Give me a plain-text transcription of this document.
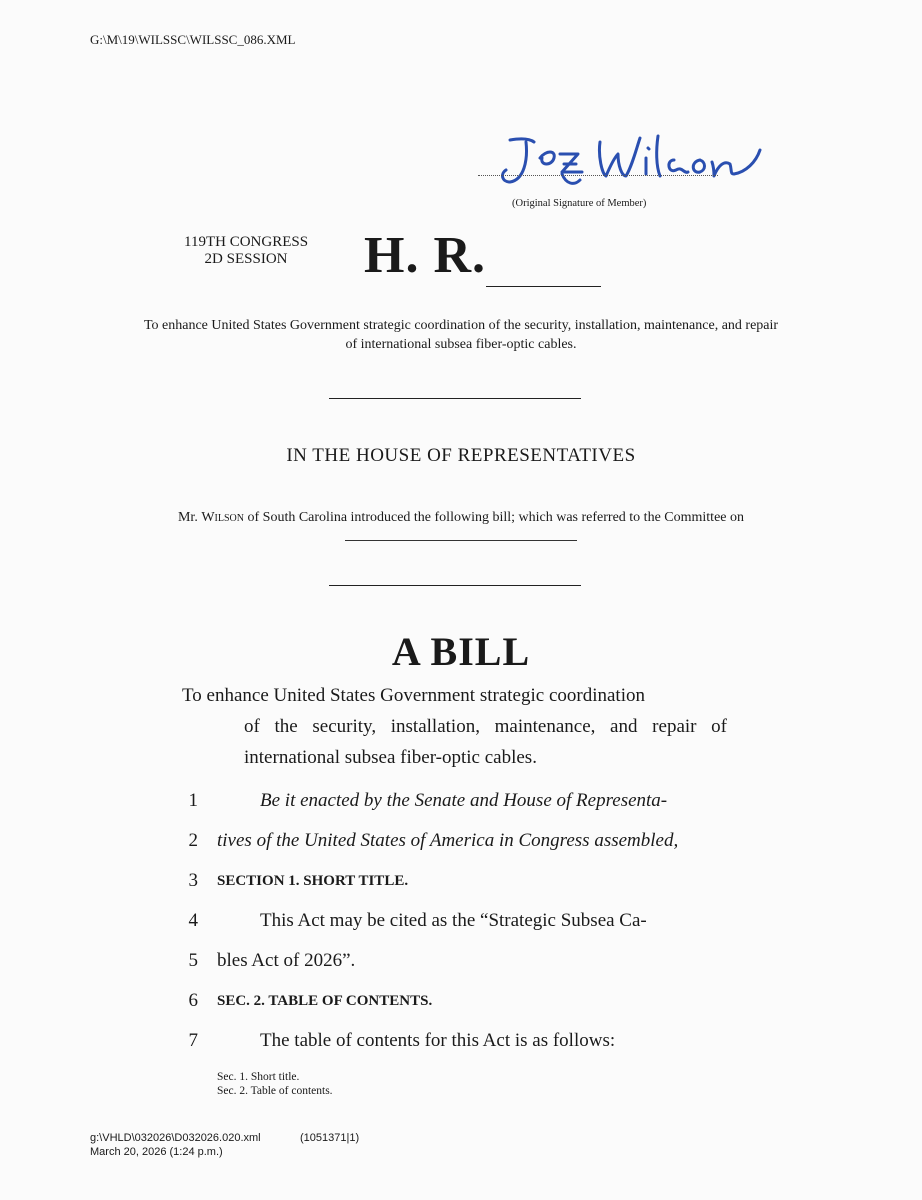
G:\M\19\WILSSC\WILSSC_086.XML
(Original Signature of Member)
119TH CONGRESS
2D SESSION	H. R.
To enhance United States Government strategic coordination of the security, installation, maintenance, and repair of international subsea fiber-optic cables.
IN THE HOUSE OF REPRESENTATIVES
Mr. Wilson of South Carolina introduced the following bill; which was referred to the Committee on
A BILL
To enhance United States Government strategic coordination
of the security, installation, maintenance, and repair of international subsea fiber-optic cables.
1	Be it enacted by the Senate and House of Representa-
2 tives of the United States of America in Congress assembled,
3 SECTION 1. SHORT TITLE.
4	This Act may be cited as the “Strategic Subsea Ca-
5 bles Act of 2026”.
6 SEC. 2. TABLE OF CONTENTS.
7	The table of contents for this Act is as follows:
Sec. 1. Short title.
Sec. 2. Table of contents.
g:\VHLD\032026\D032026.020.xml
March 20, 2026 (1:24 p.m.)
(1051371|1)
